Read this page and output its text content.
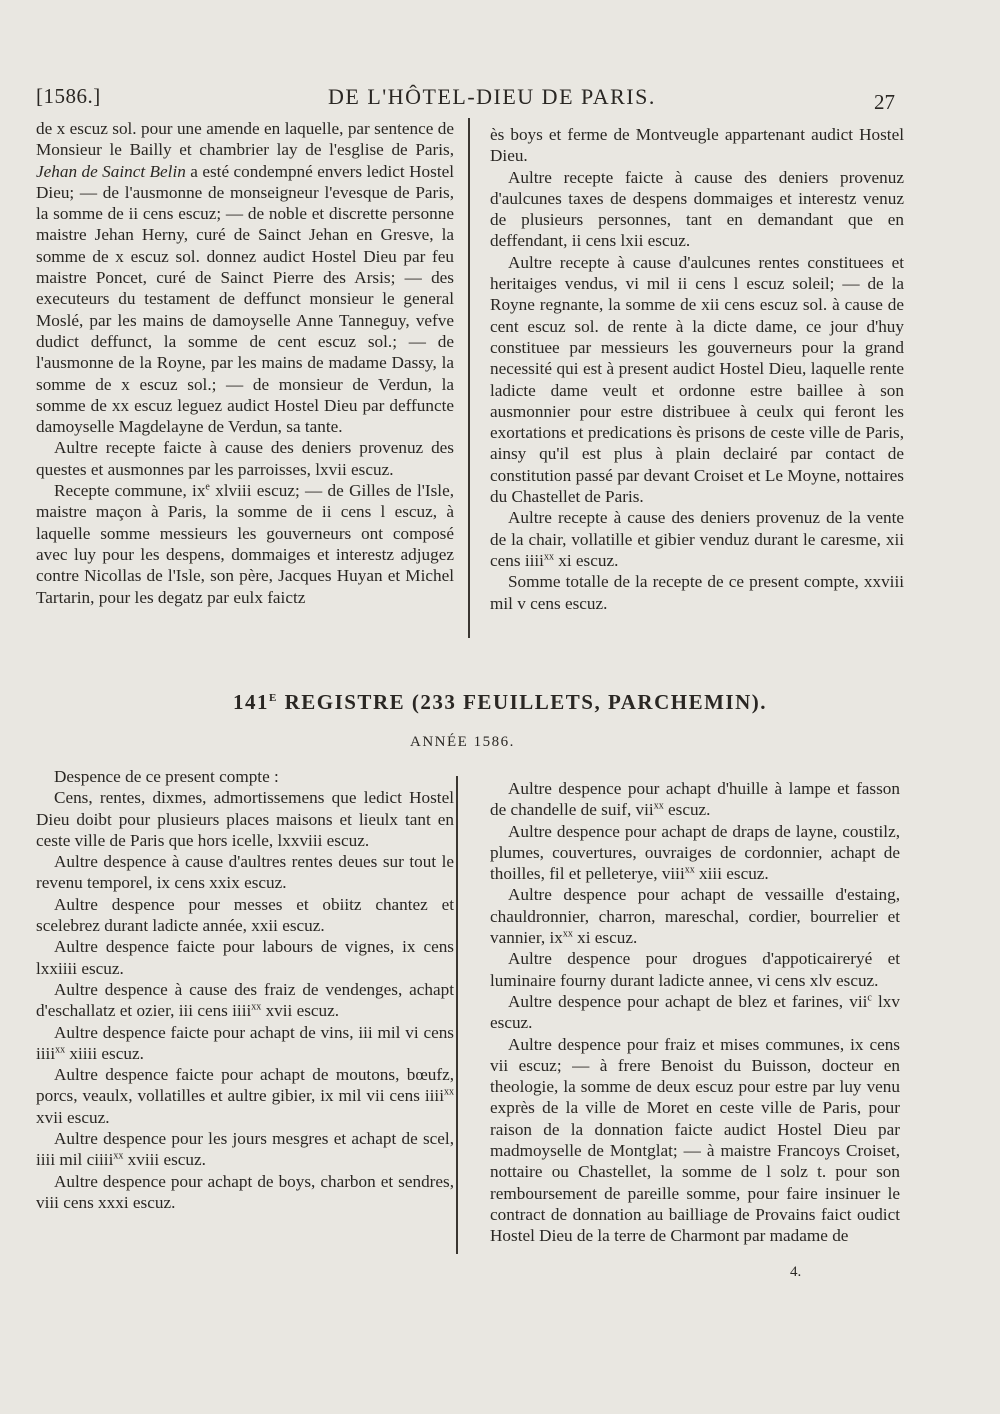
[1586.]	DE L'HÔTEL-DIEU DE PARIS.	27

de x escuz sol. pour une amende en laquelle, par sentence de Monsieur le Bailly et chambrier lay de l'esglise de Paris, Jehan de Sainct Belin a esté condempné envers ledict Hostel Dieu; — de l'ausmonne de monseigneur l'evesque de Paris, la somme de ii cens escuz; — de noble et discrette personne maistre Jehan Herny, curé de Sainct Jehan en Gresve, la somme de x escuz sol. donnez audict Hostel Dieu par feu maistre Poncet, curé de Sainct Pierre des Arsis; — des executeurs du testament de deffunct monsieur le general Moslé, par les mains de damoyselle Anne Tanneguy, vefve dudict deffunct, la somme de cent escuz sol.; — de l'ausmonne de la Royne, par les mains de madame Dassy, la somme de x escuz sol.; — de monsieur de Verdun, la somme de xx escuz leguez audict Hostel Dieu par deffuncte damoyselle Magdelayne de Verdun, sa tante.

Aultre recepte faicte à cause des deniers provenuz des questes et ausmonnes par les parroisses, lxvii escuz.

Recepte commune, $ix^e$ xlviii escuz; — de Gilles de l'Isle, maistre maçon à Paris, la somme de ii cens l escuz, à laquelle somme messieurs les gouverneurs ont composé avec luy pour les despens, dommaiges et interestz adjugez contre Nicollas de l'Isle, son père, Jacques Huyan et Michel Tartarin, pour les degatz par eulx faictz

ès boys et ferme de Montveugle appartenant audict Hostel Dieu.

Aultre recepte faicte à cause des deniers provenuz d'aulcunes taxes de despens dommaiges et interestz venuz de plusieurs personnes, tant en demandant que en deffendant, ii cens lxii escuz.

Aultre recepte à cause d'aulcunes rentes constituees et heritaiges vendus, vi mil ii cens l escuz soleil; — de la Royne regnante, la somme de xii cens escuz sol. à cause de cent escuz sol. de rente à la dicte dame, ce jour d'huy constituee par messieurs les gouverneurs pour la grand necessité qui est à present audict Hostel Dieu, laquelle rente ladicte dame veult et ordonne estre baillee à son ausmonnier pour estre distribuee à ceulx qui feront les exortations et predications ès prisons de ceste ville de Paris, ainsy qu'il est plus à plain declairé par contact de constitution passé par devant Croiset et Le Moyne, nottaires du Chastellet de Paris.

Aultre recepte à cause des deniers provenuz de la vente de la chair, vollatille et gibier venduz durant le caresme, xii cens iiii$^{xx}$ xi escuz.

Somme totalle de la recepte de ce present compte, xxviii mil v cens escuz.

$141^E$ REGISTRE (233 FEUILLETS, PARCHEMIN).
ANNÉE 1586.

Despence de ce present compte :

Cens, rentes, dixmes, admortissemens que ledict Hostel Dieu doibt pour plusieurs places maisons et lieulx tant en ceste ville de Paris que hors icelle, lxxviii escuz.

Aultre despence à cause d'aultres rentes deues sur tout le revenu temporel, ix cens xxix escuz.

Aultre despence pour messes et obiitz chantez et scelebrez durant ladicte année, xxii escuz.

Aultre despence faicte pour labours de vignes, ix cens lxxiiii escuz.

Aultre despence à cause des fraiz de vendenges, achapt d'eschallatz et ozier, iii cens iiii$^{xx}$ xvii escuz.

Aultre despence faicte pour achapt de vins, iii mil vi cens iiii$^{xx}$ xiiii escuz.

Aultre despence faicte pour achapt de moutons, bœufz, porcs, veaulx, vollatilles et aultre gibier, ix mil vii cens iiii$^{xx}$ xvii escuz.

Aultre despence pour les jours mesgres et achapt de scel, iiii mil ciiii$^{xx}$ xviii escuz.

Aultre despence pour achapt de boys, charbon et sendres, viii cens xxxi escuz.

Aultre despence pour achapt d'huille à lampe et fasson de chandelle de suif, vii$^{xx}$ escuz.

Aultre despence pour achapt de draps de layne, coustilz, plumes, couvertures, ouvraiges de cordonnier, achapt de thoilles, fil et pelleterye, viii$^{xx}$ xiii escuz.

Aultre despence pour achapt de vessaille d'estaing, chauldronnier, charron, mareschal, cordier, bourrelier et vannier, $ix^{xx}$ xi escuz.

Aultre despence pour drogues d'appoticaireryé et luminaire fourny durant ladicte annee, vi cens xlv escuz.

Aultre despence pour achapt de blez et farines, vii$^c$ lxv escuz.

Aultre despence pour fraiz et mises communes, ix cens vii escuz; — à frere Benoist du Buisson, docteur en theologie, la somme de deux escuz pour estre par luy venu exprès de la ville de Moret en ceste ville de Paris, pour raison de la donnation faicte audict Hostel Dieu par madmoyselle de Montglat; — à maistre Francoys Croiset, nottaire ou Chastellet, la somme de l solz t. pour son remboursement de pareille somme, pour faire insinuer le contract de donnation au bailliage de Provains faict oudict Hostel Dieu de la terre de Charmont par madame de

4.
